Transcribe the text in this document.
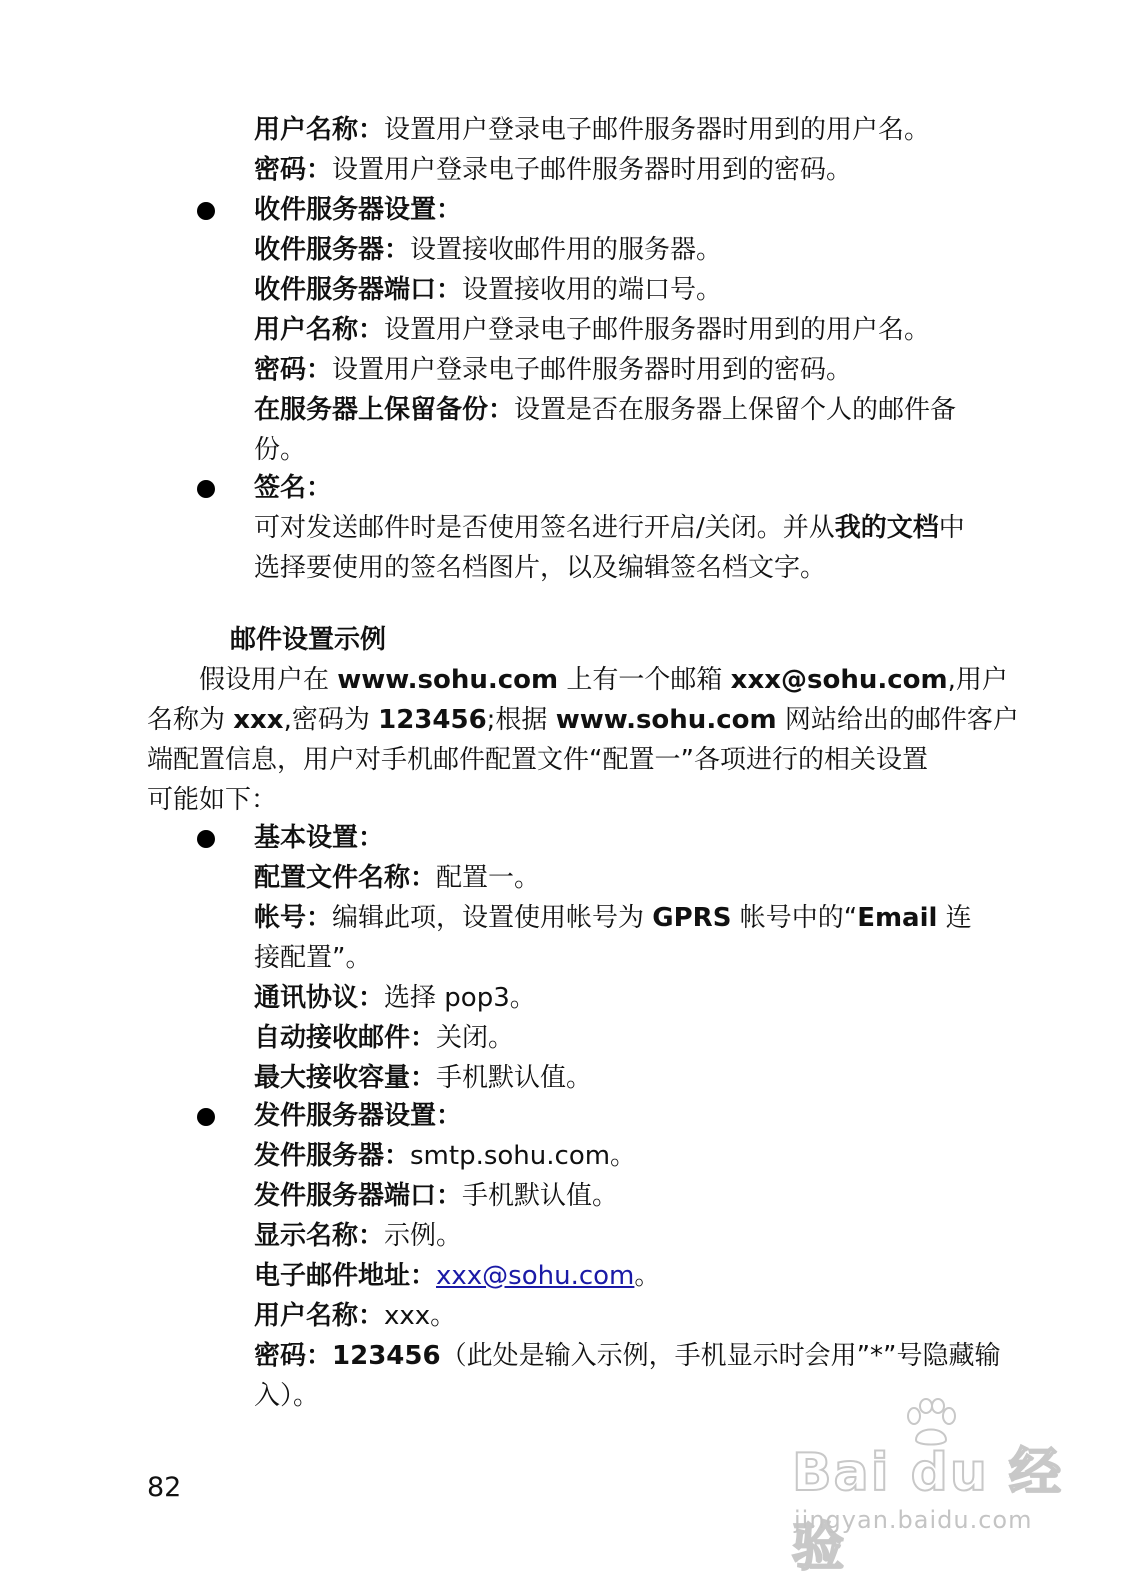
用户名称：设置用户登录电子邮件服务器时用到的用户名。
密码：设置用户登录电子邮件服务器时用到的密码。
收件服务器设置：
收件服务器：设置接收邮件用的服务器。
收件服务器端口：设置接收用的端口号。
用户名称：设置用户登录电子邮件服务器时用到的用户名。
密码：设置用户登录电子邮件服务器时用到的密码。
在服务器上保留备份：设置是否在服务器上保留个人的邮件备
份。
签名：
可对发送邮件时是否使用签名进行开启/关闭。并从我的文档中
选择要使用的签名档图片，以及编辑签名档文字。
邮件设置示例
假设用户在 www.sohu.com 上有一个邮箱 xxx@sohu.com,用户
名称为 xxx,密码为 123456;根据 www.sohu.com 网站给出的邮件客户
端配置信息，用户对手机邮件配置文件“配置一”各项进行的相关设置
可能如下：
基本设置：
配置文件名称：配置一。
帐号：编辑此项，设置使用帐号为 GPRS 帐号中的“Email 连
接配置”。
通讯协议：选择 pop3。
自动接收邮件：关闭。
最大接收容量：手机默认值。
发件服务器设置：
发件服务器：smtp.sohu.com。
发件服务器端口：手机默认值。
显示名称：示例。
电子邮件地址：xxx@sohu.com。
用户名称：xxx。
密码：123456（此处是输入示例，手机显示时会用”*”号隐藏输
入）。
82	Bai du 经验
jingyan.baidu.com
